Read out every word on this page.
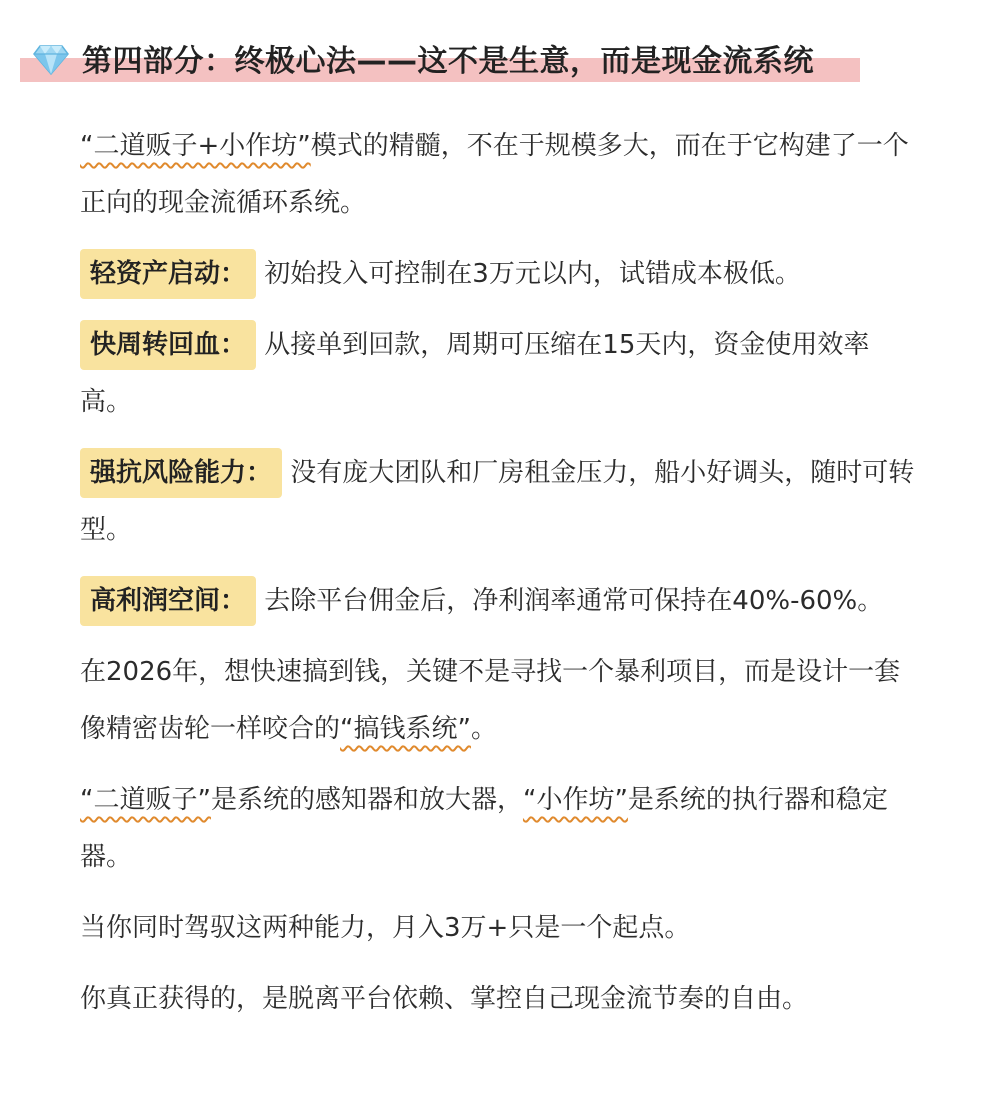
第四部分：终极心法——这不是生意，而是现金流系统

“二道贩子+小作坊”模式的精髓，不在于规模多大，而在于它构建了一个正向的现金流循环系统。

轻资产启动： 初始投入可控制在3万元以内，试错成本极低。

快周转回血： 从接单到回款，周期可压缩在15天内，资金使用效率高。

强抗风险能力： 没有庞大团队和厂房租金压力，船小好调头，随时可转型。

高利润空间： 去除平台佣金后，净利润率通常可保持在40%-60%。

在2026年，想快速搞到钱，关键不是寻找一个暴利项目，而是设计一套像精密齿轮一样咬合的“搞钱系统”。

“二道贩子”是系统的感知器和放大器，“小作坊”是系统的执行器和稳定器。

当你同时驾驭这两种能力，月入3万+只是一个起点。

你真正获得的，是脱离平台依赖、掌控自己现金流节奏的自由。
